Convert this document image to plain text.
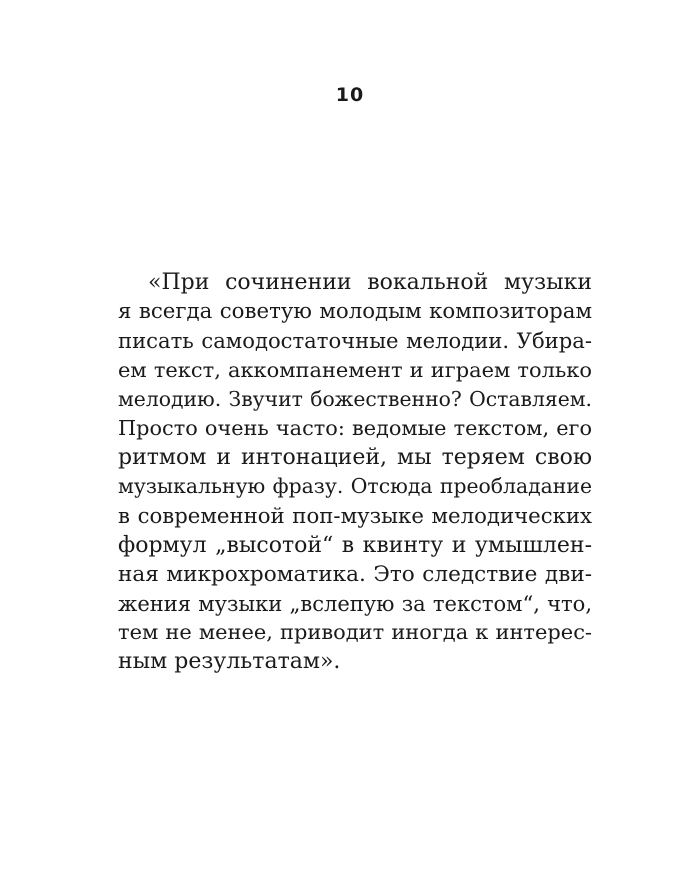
10
«При сочинении вокальной музыки
я всегда советую молодым композиторам
писать самодостаточные мелодии. Убира-
ем текст, аккомпанемент и играем только
мелодию. Звучит божественно? Оставляем.
Просто очень часто: ведомые текстом, его
ритмом и интонацией, мы теряем свою
музыкальную фразу. Отсюда преобладание
в современной поп-музыке мелодических
формул „высотой“ в квинту и умышлен-
ная микрохроматика. Это следствие дви-
жения музыки „вслепую за текстом“, что,
тем не менее, приводит иногда к интерес-
ным результатам».
